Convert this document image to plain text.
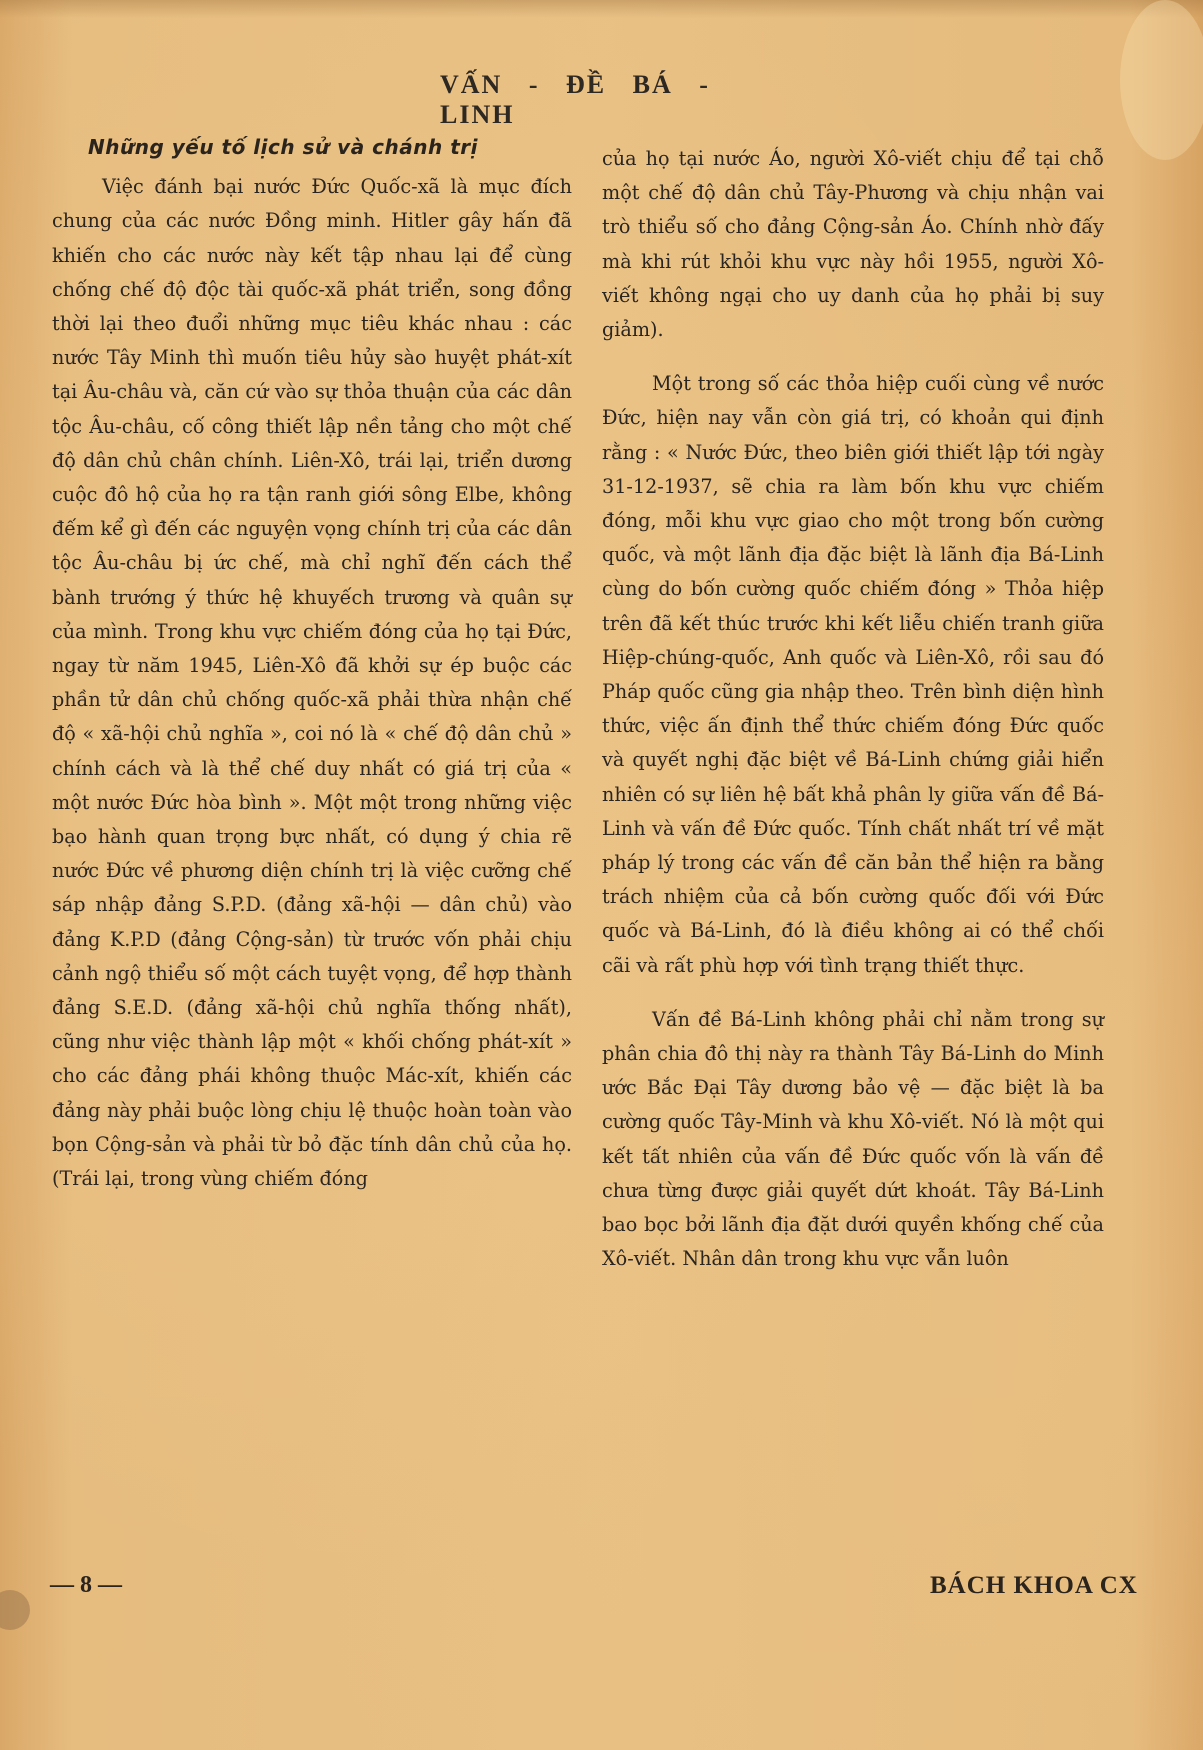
VẤN - ĐỀ BÁ - LINH
Những yếu tố lịch sử và chánh trị

Việc đánh bại nước Đức Quốc-xã là mục đích chung của các nước Đồng minh. Hitler gây hấn đã khiến cho các nước này kết tập nhau lại để cùng chống chế độ độc tài quốc-xã phát triển, song đồng thời lại theo đuổi những mục tiêu khác nhau : các nước Tây Minh thì muốn tiêu hủy sào huyệt phát-xít tại Âu-châu và, căn cứ vào sự thỏa thuận của các dân tộc Âu-châu, cố công thiết lập nền tảng cho một chế độ dân chủ chân chính. Liên-Xô, trái lại, triển dương cuộc đô hộ của họ ra tận ranh giới sông Elbe, không đếm kể gì đến các nguyện vọng chính trị của các dân tộc Âu-châu bị ức chế, mà chỉ nghĩ đến cách thể bành trướng ý thức hệ khuyếch trương và quân sự của mình. Trong khu vực chiếm đóng của họ tại Đức, ngay từ năm 1945, Liên-Xô đã khởi sự ép buộc các phần tử dân chủ chống quốc-xã phải thừa nhận chế độ « xã-hội chủ nghĩa », coi nó là « chế độ dân chủ » chính cách và là thể chế duy nhất có giá trị của « một nước Đức hòa bình ». Một một trong những việc bạo hành quan trọng bực nhất, có dụng ý chia rẽ nước Đức về phương diện chính trị là việc cưỡng chế sáp nhập đảng S.P.D. (đảng xã-hội — dân chủ) vào đảng K.P.D (đảng Cộng-sản) từ trước vốn phải chịu cảnh ngộ thiểu số một cách tuyệt vọng, để hợp thành đảng S.E.D. (đảng xã-hội chủ nghĩa thống nhất), cũng như việc thành lập một « khối chống phát-xít » cho các đảng phái không thuộc Mác-xít, khiến các đảng này phải buộc lòng chịu lệ thuộc hoàn toàn vào bọn Cộng-sản và phải từ bỏ đặc tính dân chủ của họ. (Trái lại, trong vùng chiếm đóng

của họ tại nước Áo, người Xô-viết chịu để tại chỗ một chế độ dân chủ Tây-Phương và chịu nhận vai trò thiểu số cho đảng Cộng-sản Áo. Chính nhờ đấy mà khi rút khỏi khu vực này hồi 1955, người Xô-viết không ngại cho uy danh của họ phải bị suy giảm).

Một trong số các thỏa hiệp cuối cùng về nước Đức, hiện nay vẫn còn giá trị, có khoản qui định rằng : « Nước Đức, theo biên giới thiết lập tới ngày 31-12-1937, sẽ chia ra làm bốn khu vực chiếm đóng, mỗi khu vực giao cho một trong bốn cường quốc, và một lãnh địa đặc biệt là lãnh địa Bá-Linh cùng do bốn cường quốc chiếm đóng » Thỏa hiệp trên đã kết thúc trước khi kết liễu chiến tranh giữa Hiệp-chúng-quốc, Anh quốc và Liên-Xô, rồi sau đó Pháp quốc cũng gia nhập theo. Trên bình diện hình thức, việc ấn định thể thức chiếm đóng Đức quốc và quyết nghị đặc biệt về Bá-Linh chứng giải hiển nhiên có sự liên hệ bất khả phân ly giữa vấn đề Bá-Linh và vấn đề Đức quốc. Tính chất nhất trí về mặt pháp lý trong các vấn đề căn bản thể hiện ra bằng trách nhiệm của cả bốn cường quốc đối với Đức quốc và Bá-Linh, đó là điều không ai có thể chối cãi và rất phù hợp với tình trạng thiết thực.

Vấn đề Bá-Linh không phải chỉ nằm trong sự phân chia đô thị này ra thành Tây Bá-Linh do Minh ước Bắc Đại Tây dương bảo vệ — đặc biệt là ba cường quốc Tây-Minh và khu Xô-viết. Nó là một qui kết tất nhiên của vấn đề Đức quốc vốn là vấn đề chưa từng được giải quyết dứt khoát. Tây Bá-Linh bao bọc bởi lãnh địa đặt dưới quyền khống chế của Xô-viết. Nhân dân trong khu vực vẫn luôn

— 8 —	BÁCH KHOA CX
